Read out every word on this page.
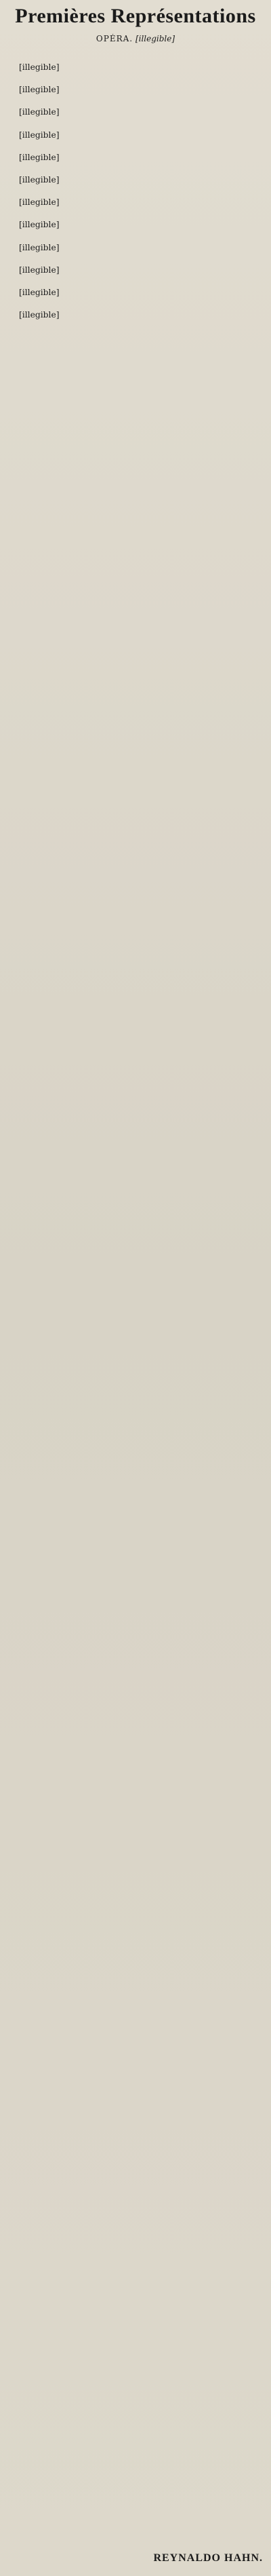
Premières Représentations
OPÉRA. [illegible]

[illegible]

[illegible]

[illegible]

[illegible]

[illegible]

[illegible]

[illegible]

[illegible]

[illegible]

[illegible]

[illegible]

[illegible]

REYNALDO HAHN.
